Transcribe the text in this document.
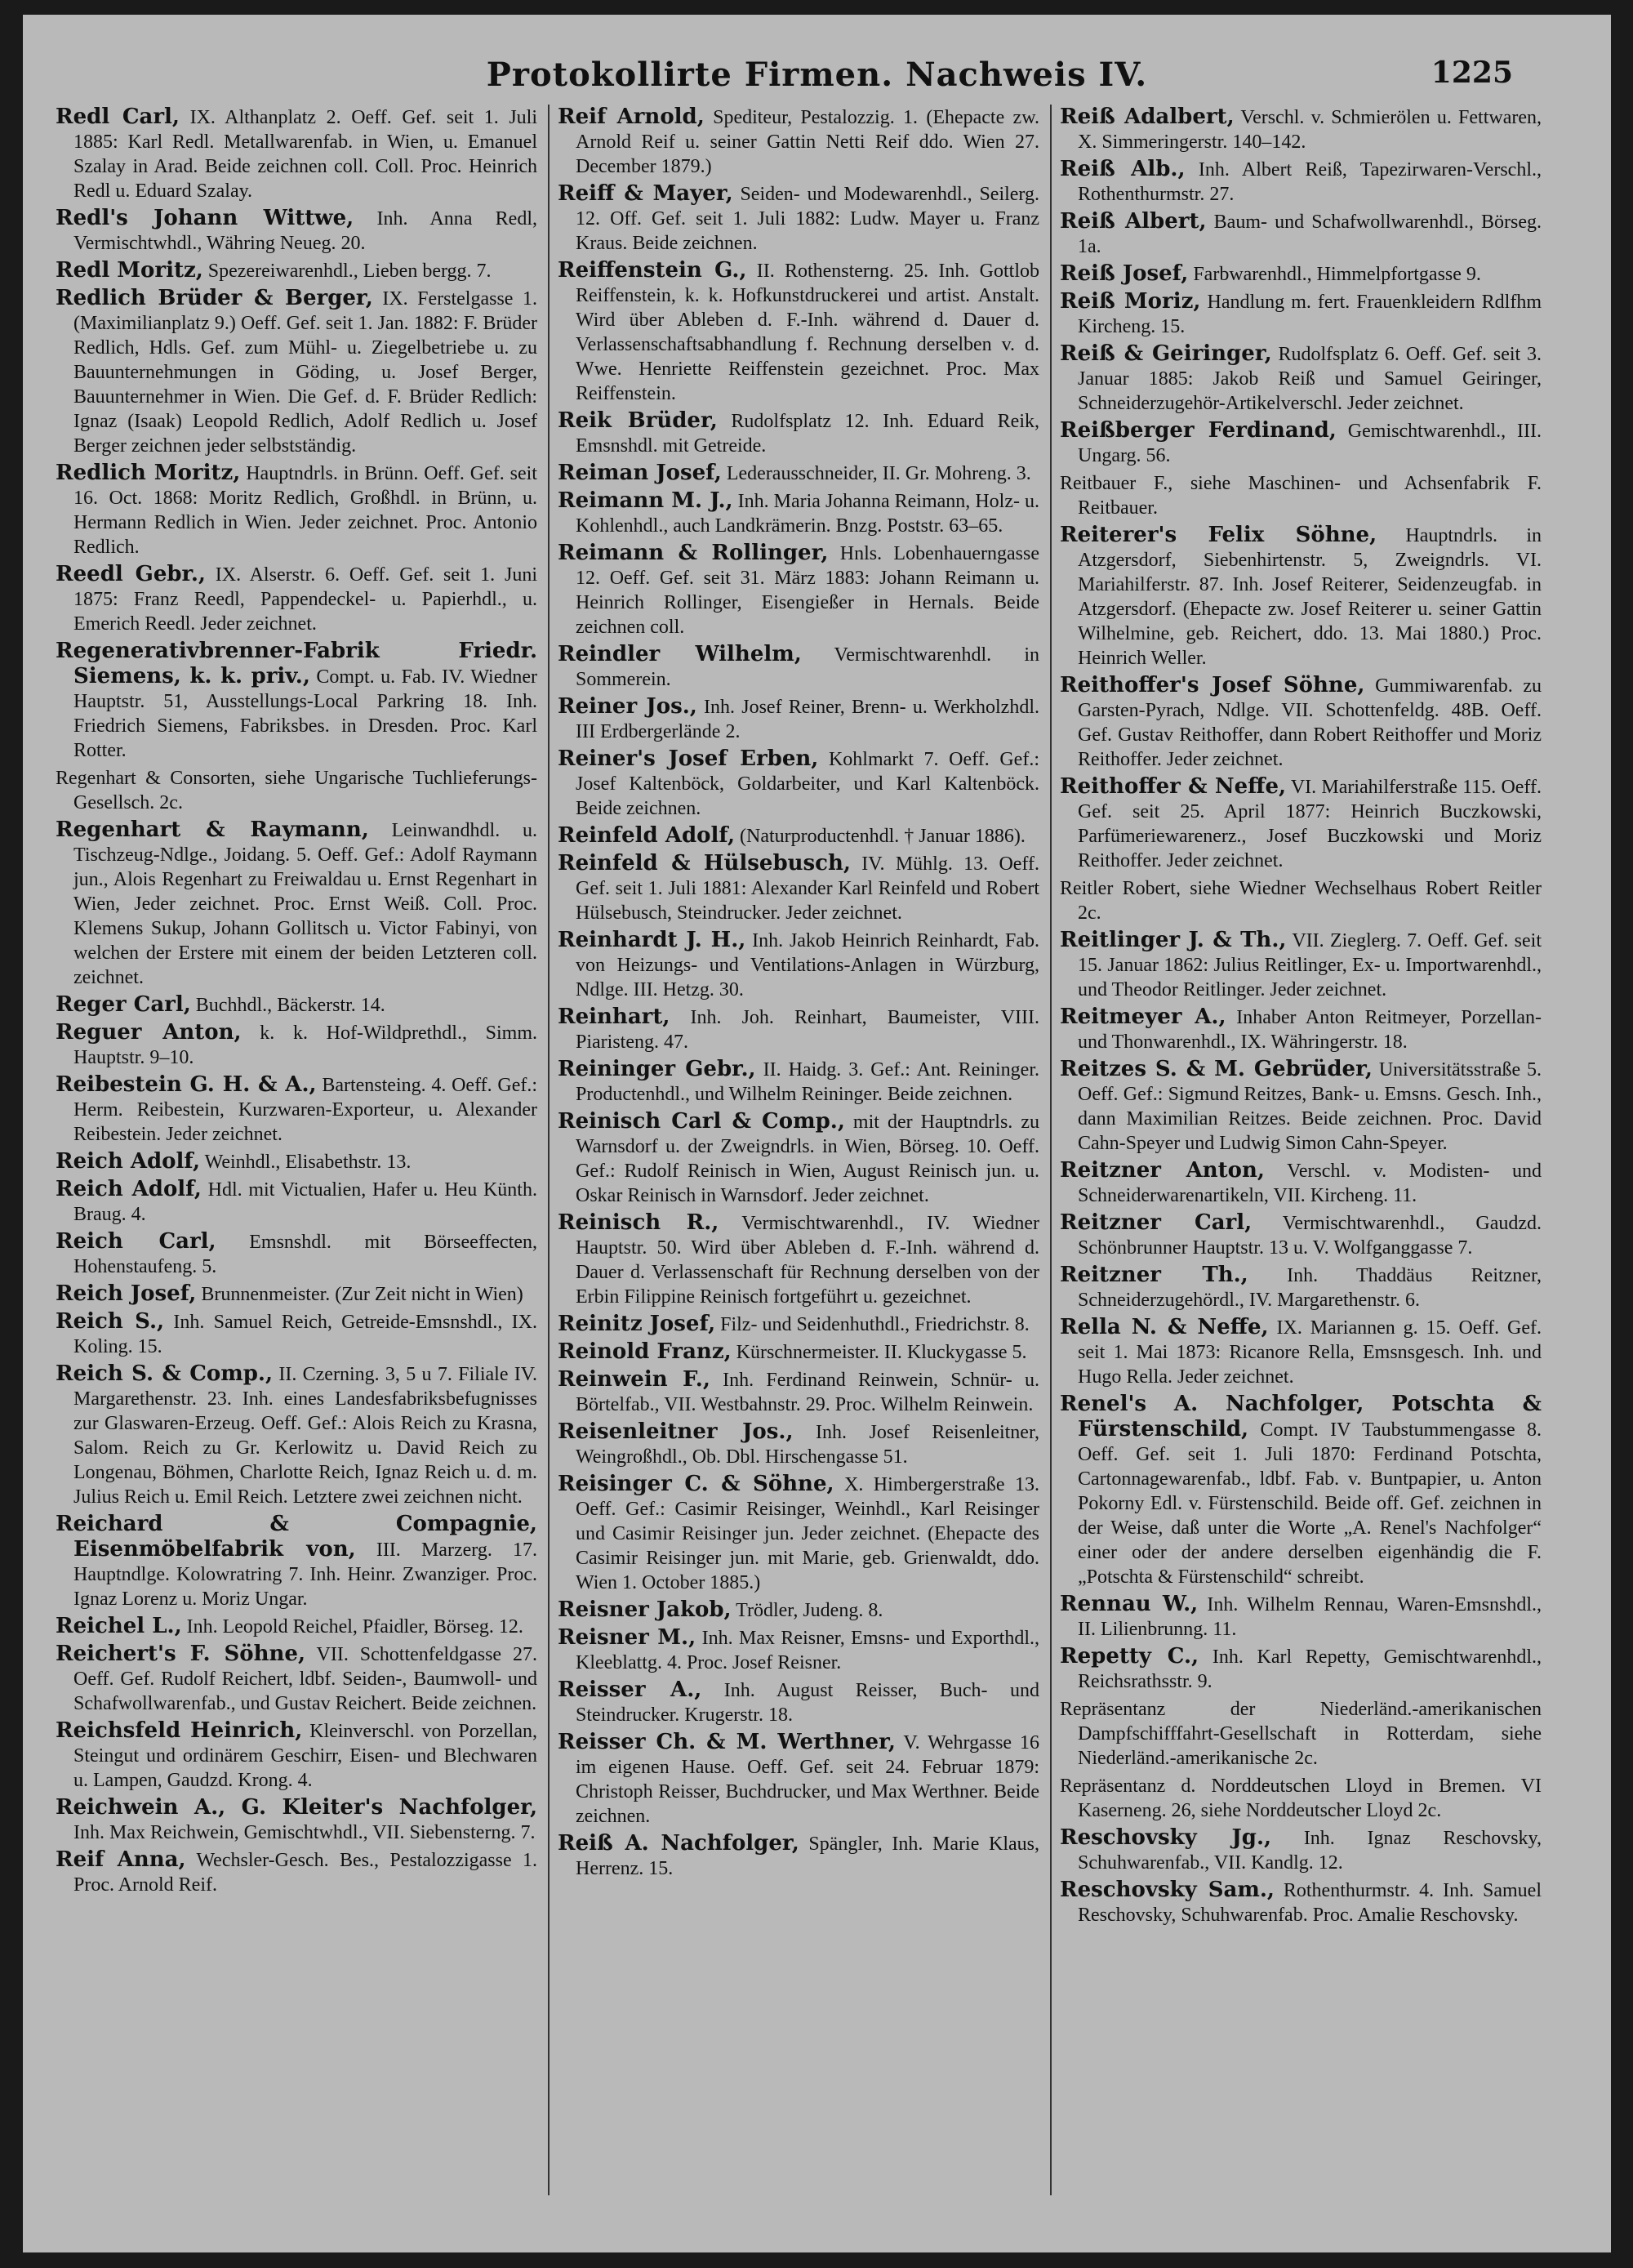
Protokollirte Firmen. Nachweis IV.	1225

Redl Carl, IX. Althanplatz 2. Oeff. Gef. seit 1. Juli 1885: Karl Redl. Metallwarenfab. in Wien, u. Emanuel Szalay in Arad. Beide zeichnen coll. Coll. Proc. Heinrich Redl u. Eduard Szalay.

Redl's Johann Wittwe, Inh. Anna Redl, Vermischtwhdl., Währing Neueg. 20.

Redl Moritz, Spezereiwarenhdl., Lieben bergg. 7.

Redlich Brüder & Berger, IX. Ferstelgasse 1. (Maximilianplatz 9.) Oeff. Gef. seit 1. Jan. 1882: F. Brüder Redlich, Hdls. Gef. zum Mühl- u. Ziegelbetriebe u. zu Bauunternehmungen in Göding, u. Josef Berger, Bauunternehmer in Wien. Die Gef. d. F. Brüder Redlich: Ignaz (Isaak) Leopold Redlich, Adolf Redlich u. Josef Berger zeichnen jeder selbstständig.

Redlich Moritz, Hauptndrls. in Brünn. Oeff. Gef. seit 16. Oct. 1868: Moritz Redlich, Großhdl. in Brünn, u. Hermann Redlich in Wien. Jeder zeichnet. Proc. Antonio Redlich.

Reedl Gebr., IX. Alserstr. 6. Oeff. Gef. seit 1. Juni 1875: Franz Reedl, Pappendeckel- u. Papierhdl., u. Emerich Reedl. Jeder zeichnet.

Regenerativbrenner-Fabrik Friedr. Siemens, k. k. priv., Compt. u. Fab. IV. Wiedner Hauptstr. 51, Ausstellungs-Local Parkring 18. Inh. Friedrich Siemens, Fabriksbes. in Dresden. Proc. Karl Rotter.

Regenhart & Consorten, siehe Ungarische Tuchlieferungs-Gesellsch. 2c.

Regenhart & Raymann, Leinwandhdl. u. Tischzeug-Ndlge., Joidang. 5. Oeff. Gef.: Adolf Raymann jun., Alois Regenhart zu Freiwaldau u. Ernst Regenhart in Wien, Jeder zeichnet. Proc. Ernst Weiß. Coll. Proc. Klemens Sukup, Johann Gollitsch u. Victor Fabinyi, von welchen der Erstere mit einem der beiden Letzteren coll. zeichnet.

Reger Carl, Buchhdl., Bäckerstr. 14.

Reguer Anton, k. k. Hof-Wildprethdl., Simm. Hauptstr. 9–10.

Reibestein G. H. & A., Bartensteing. 4. Oeff. Gef.: Herm. Reibestein, Kurzwaren-Exporteur, u. Alexander Reibestein. Jeder zeichnet.

Reich Adolf, Weinhdl., Elisabethstr. 13.

Reich Adolf, Hdl. mit Victualien, Hafer u. Heu Künth. Braug. 4.

Reich Carl, Emsnshdl. mit Börseeffecten, Hohenstaufeng. 5.

Reich Josef, Brunnenmeister. (Zur Zeit nicht in Wien)

Reich S., Inh. Samuel Reich, Getreide-Emsnshdl., IX. Koling. 15.

Reich S. & Comp., II. Czerning. 3, 5 u 7. Filiale IV. Margarethenstr. 23. Inh. eines Landesfabriksbefugnisses zur Glaswaren-Erzeug. Oeff. Gef.: Alois Reich zu Krasna, Salom. Reich zu Gr. Kerlowitz u. David Reich zu Longenau, Böhmen, Charlotte Reich, Ignaz Reich u. d. m. Julius Reich u. Emil Reich. Letztere zwei zeichnen nicht.

Reichard & Compagnie, Eisenmöbelfabrik von, III. Marzerg. 17. Hauptndlge. Kolowratring 7. Inh. Heinr. Zwanziger. Proc. Ignaz Lorenz u. Moriz Ungar.

Reichel L., Inh. Leopold Reichel, Pfaidler, Börseg. 12.

Reichert's F. Söhne, VII. Schottenfeldgasse 27. Oeff. Gef. Rudolf Reichert, ldbf. Seiden-, Baumwoll- und Schafwollwarenfab., und Gustav Reichert. Beide zeichnen.

Reichsfeld Heinrich, Kleinverschl. von Porzellan, Steingut und ordinärem Geschirr, Eisen- und Blechwaren u. Lampen, Gaudzd. Krong. 4.

Reichwein A., G. Kleiter's Nachfolger, Inh. Max Reichwein, Gemischtwhdl., VII. Siebensterng. 7.

Reif Anna, Wechsler-Gesch. Bes., Pestalozzigasse 1. Proc. Arnold Reif.

Reif Arnold, Spediteur, Pestalozzig. 1. (Ehepacte zw. Arnold Reif u. seiner Gattin Netti Reif ddo. Wien 27. December 1879.)

Reiff & Mayer, Seiden- und Modewarenhdl., Seilerg. 12. Off. Gef. seit 1. Juli 1882: Ludw. Mayer u. Franz Kraus. Beide zeichnen.

Reiffenstein G., II. Rothensterng. 25. Inh. Gottlob Reiffenstein, k. k. Hofkunstdruckerei und artist. Anstalt. Wird über Ableben d. F.-Inh. während d. Dauer d. Verlassenschaftsabhandlung f. Rechnung derselben v. d. Wwe. Henriette Reiffenstein gezeichnet. Proc. Max Reiffenstein.

Reik Brüder, Rudolfsplatz 12. Inh. Eduard Reik, Emsnshdl. mit Getreide.

Reiman Josef, Lederausschneider, II. Gr. Mohreng. 3.

Reimann M. J., Inh. Maria Johanna Reimann, Holz- u. Kohlenhdl., auch Landkrämerin. Bnzg. Poststr. 63–65.

Reimann & Rollinger, Hnls. Lobenhauerngasse 12. Oeff. Gef. seit 31. März 1883: Johann Reimann u. Heinrich Rollinger, Eisengießer in Hernals. Beide zeichnen coll.

Reindler Wilhelm, Vermischtwarenhdl. in Sommerein.

Reiner Jos., Inh. Josef Reiner, Brenn- u. Werkholzhdl. III Erdbergerlände 2.

Reiner's Josef Erben, Kohlmarkt 7. Oeff. Gef.: Josef Kaltenböck, Goldarbeiter, und Karl Kaltenböck. Beide zeichnen.

Reinfeld Adolf, (Naturproductenhdl. † Januar 1886).

Reinfeld & Hülsebusch, IV. Mühlg. 13. Oeff. Gef. seit 1. Juli 1881: Alexander Karl Reinfeld und Robert Hülsebusch, Steindrucker. Jeder zeichnet.

Reinhardt J. H., Inh. Jakob Heinrich Reinhardt, Fab. von Heizungs- und Ventilations-Anlagen in Würzburg, Ndlge. III. Hetzg. 30.

Reinhart, Inh. Joh. Reinhart, Baumeister, VIII. Piaristeng. 47.

Reininger Gebr., II. Haidg. 3. Gef.: Ant. Reininger. Productenhdl., und Wilhelm Reininger. Beide zeichnen.

Reinisch Carl & Comp., mit der Hauptndrls. zu Warnsdorf u. der Zweigndrls. in Wien, Börseg. 10. Oeff. Gef.: Rudolf Reinisch in Wien, August Reinisch jun. u. Oskar Reinisch in Warnsdorf. Jeder zeichnet.

Reinisch R., Vermischtwarenhdl., IV. Wiedner Hauptstr. 50. Wird über Ableben d. F.-Inh. während d. Dauer d. Verlassenschaft für Rechnung derselben von der Erbin Filippine Reinisch fortgeführt u. gezeichnet.

Reinitz Josef, Filz- und Seidenhuthdl., Friedrichstr. 8.

Reinold Franz, Kürschnermeister. II. Kluckygasse 5.

Reinwein F., Inh. Ferdinand Reinwein, Schnür- u. Börtelfab., VII. Westbahnstr. 29. Proc. Wilhelm Reinwein.

Reisenleitner Jos., Inh. Josef Reisenleitner, Weingroßhdl., Ob. Dbl. Hirschengasse 51.

Reisinger C. & Söhne, X. Himbergerstraße 13. Oeff. Gef.: Casimir Reisinger, Weinhdl., Karl Reisinger und Casimir Reisinger jun. Jeder zeichnet. (Ehepacte des Casimir Reisinger jun. mit Marie, geb. Grienwaldt, ddo. Wien 1. October 1885.)

Reisner Jakob, Trödler, Judeng. 8.

Reisner M., Inh. Max Reisner, Emsns- und Exporthdl., Kleeblattg. 4. Proc. Josef Reisner.

Reisser A., Inh. August Reisser, Buch- und Steindrucker. Krugerstr. 18.

Reisser Ch. & M. Werthner, V. Wehrgasse 16 im eigenen Hause. Oeff. Gef. seit 24. Februar 1879: Christoph Reisser, Buchdrucker, und Max Werthner. Beide zeichnen.

Reiß A. Nachfolger, Spängler, Inh. Marie Klaus, Herrenz. 15.

Reiß Adalbert, Verschl. v. Schmierölen u. Fettwaren, X. Simmeringerstr. 140–142.

Reiß Alb., Inh. Albert Reiß, Tapezirwaren-Verschl., Rothenthurmstr. 27.

Reiß Albert, Baum- und Schafwollwarenhdl., Börseg. 1a.

Reiß Josef, Farbwarenhdl., Himmelpfortgasse 9.

Reiß Moriz, Handlung m. fert. Frauenkleidern Rdlfhm Kircheng. 15.

Reiß & Geiringer, Rudolfsplatz 6. Oeff. Gef. seit 3. Januar 1885: Jakob Reiß und Samuel Geiringer, Schneiderzugehör-Artikelverschl. Jeder zeichnet.

Reißberger Ferdinand, Gemischtwarenhdl., III. Ungarg. 56.

Reitbauer F., siehe Maschinen- und Achsenfabrik F. Reitbauer.

Reiterer's Felix Söhne, Hauptndrls. in Atzgersdorf, Siebenhirtenstr. 5, Zweigndrls. VI. Mariahilferstr. 87. Inh. Josef Reiterer, Seidenzeugfab. in Atzgersdorf. (Ehepacte zw. Josef Reiterer u. seiner Gattin Wilhelmine, geb. Reichert, ddo. 13. Mai 1880.) Proc. Heinrich Weller.

Reithoffer's Josef Söhne, Gummiwarenfab. zu Garsten-Pyrach, Ndlge. VII. Schottenfeldg. 48B. Oeff. Gef. Gustav Reithoffer, dann Robert Reithoffer und Moriz Reithoffer. Jeder zeichnet.

Reithoffer & Neffe, VI. Mariahilferstraße 115. Oeff. Gef. seit 25. April 1877: Heinrich Buczkowski, Parfümeriewarenerz., Josef Buczkowski und Moriz Reithoffer. Jeder zeichnet.

Reitler Robert, siehe Wiedner Wechselhaus Robert Reitler 2c.

Reitlinger J. & Th., VII. Zieglerg. 7. Oeff. Gef. seit 15. Januar 1862: Julius Reitlinger, Ex- u. Importwarenhdl., und Theodor Reitlinger. Jeder zeichnet.

Reitmeyer A., Inhaber Anton Reitmeyer, Porzellan- und Thonwarenhdl., IX. Währingerstr. 18.

Reitzes S. & M. Gebrüder, Universitätsstraße 5. Oeff. Gef.: Sigmund Reitzes, Bank- u. Emsns. Gesch. Inh., dann Maximilian Reitzes. Beide zeichnen. Proc. David Cahn-Speyer und Ludwig Simon Cahn-Speyer.

Reitzner Anton, Verschl. v. Modisten- und Schneiderwarenartikeln, VII. Kircheng. 11.

Reitzner Carl, Vermischtwarenhdl., Gaudzd. Schönbrunner Hauptstr. 13 u. V. Wolfganggasse 7.

Reitzner Th., Inh. Thaddäus Reitzner, Schneiderzugehördl., IV. Margarethenstr. 6.

Rella N. & Neffe, IX. Mariannen g. 15. Oeff. Gef. seit 1. Mai 1873: Ricanore Rella, Emsnsgesch. Inh. und Hugo Rella. Jeder zeichnet.

Renel's A. Nachfolger, Potschta & Fürstenschild, Compt. IV Taubstummengasse 8. Oeff. Gef. seit 1. Juli 1870: Ferdinand Potschta, Cartonnagewarenfab., ldbf. Fab. v. Buntpapier, u. Anton Pokorny Edl. v. Fürstenschild. Beide off. Gef. zeichnen in der Weise, daß unter die Worte „A. Renel's Nachfolger“ einer oder der andere derselben eigenhändig die F. „Potschta & Fürstenschild“ schreibt.

Rennau W., Inh. Wilhelm Rennau, Waren-Emsnshdl., II. Lilienbrunng. 11.

Repetty C., Inh. Karl Repetty, Gemischtwarenhdl., Reichsrathsstr. 9.

Repräsentanz der Niederländ.-amerikanischen Dampfschifffahrt-Gesellschaft in Rotterdam, siehe Niederländ.-amerikanische 2c.

Repräsentanz d. Norddeutschen Lloyd in Bremen. VI Kaserneng. 26, siehe Norddeutscher Lloyd 2c.

Reschovsky Jg., Inh. Ignaz Reschovsky, Schuhwarenfab., VII. Kandlg. 12.

Reschovsky Sam., Rothenthurmstr. 4. Inh. Samuel Reschovsky, Schuhwarenfab. Proc. Amalie Reschovsky.
